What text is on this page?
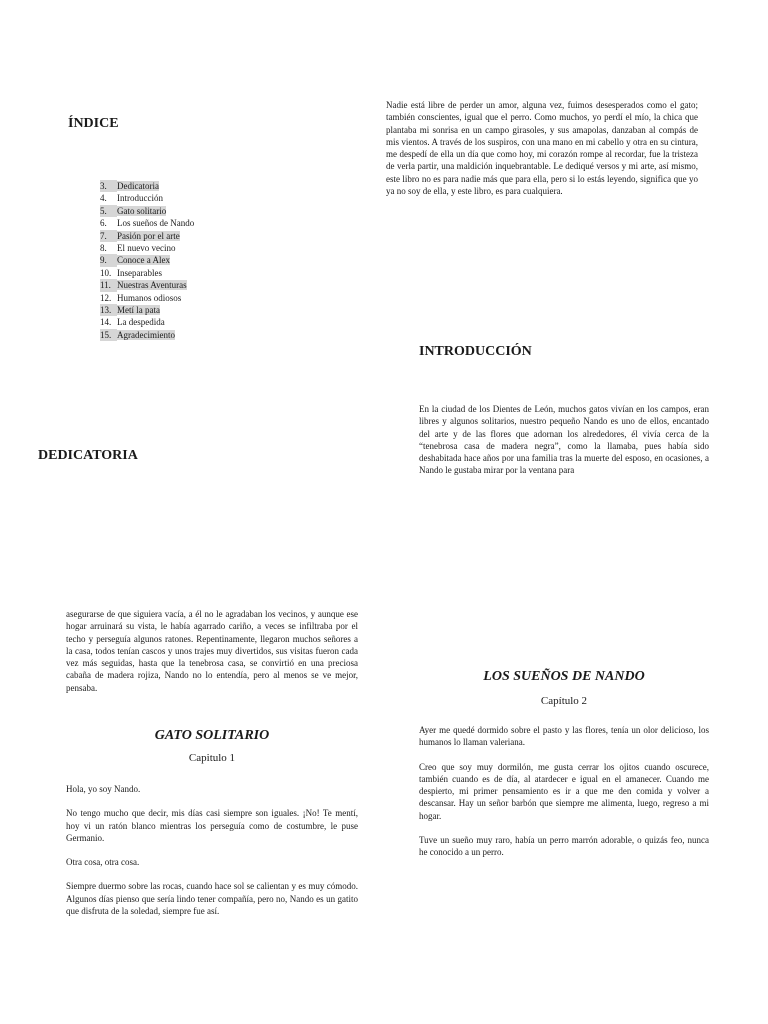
ÍNDICE
3. Dedicatoria
4. Introducción
5. Gato solitario
6. Los sueños de Nando
7. Pasión por el arte
8. El nuevo vecino
9. Conoce a Alex
10. Inseparables
11. Nuestras Aventuras
12. Humanos odiosos
13. Metí la pata
14. La despedida
15. Agradecimiento
DEDICATORIA

Nadie está libre de perder un amor, alguna vez, fuimos desesperados como el gato; también conscientes, igual que el perro. Como muchos, yo perdí el mío, la chica que plantaba mi sonrisa en un campo girasoles, y sus amapolas, danzaban al compás de mis vientos. A través de los suspiros, con una mano en mi cabello y otra en su cintura, me despedí de ella un día que como hoy, mi corazón rompe al recordar, fue la tristeza de verla partir, una maldición inquebrantable. Le dediqué versos y mi arte, así mismo, este libro no es para nadie más que para ella, pero si lo estás leyendo, significa que yo ya no soy de ella, y este libro, es para cualquiera.

INTRODUCCIÓN

En la ciudad de los Dientes de León, muchos gatos vivían en los campos, eran libres y algunos solitarios, nuestro pequeño Nando es uno de ellos, encantado del arte y de las flores que adornan los alrededores, él vivía cerca de la “tenebrosa casa de madera negra”, como la llamaba, pues había sido deshabitada hace años por una familia tras la muerte del esposo, en ocasiones, a Nando le gustaba mirar por la ventana para

asegurarse de que siguiera vacía, a él no le agradaban los vecinos, y aunque ese hogar arruinará su vista, le había agarrado cariño, a veces se infiltraba por el techo y perseguía algunos ratones. Repentinamente, llegaron muchos señores a la casa, todos tenían cascos y unos trajes muy divertidos, sus visitas fueron cada vez más seguidas, hasta que la tenebrosa casa, se convirtió en una preciosa cabaña de madera rojiza, Nando no lo entendía, pero al menos se ve mejor, pensaba.

GATO SOLITARIO

Capitulo 1

Hola, yo soy Nando.

No tengo mucho que decir, mis días casi siempre son iguales. ¡No! Te mentí, hoy vi un ratón blanco mientras los perseguía como de costumbre, le puse Germanio.

Otra cosa, otra cosa.

Siempre duermo sobre las rocas, cuando hace sol se calientan y es muy cómodo. Algunos días pienso que sería lindo tener compañía, pero no, Nando es un gatito que disfruta de la soledad, siempre fue así.

LOS SUEÑOS DE NANDO

Capítulo 2

Ayer me quedé dormido sobre el pasto y las flores, tenía un olor delicioso, los humanos lo llaman valeriana.

Creo que soy muy dormilón, me gusta cerrar los ojitos cuando oscurece, también cuando es de día, al atardecer e igual en el amanecer. Cuando me despierto, mi primer pensamiento es ir a que me den comida y volver a descansar. Hay un señor barbón que siempre me alimenta, luego, regreso a mi hogar.

Tuve un sueño muy raro, había un perro marrón adorable, o quizás feo, nunca he conocido a un perro.
